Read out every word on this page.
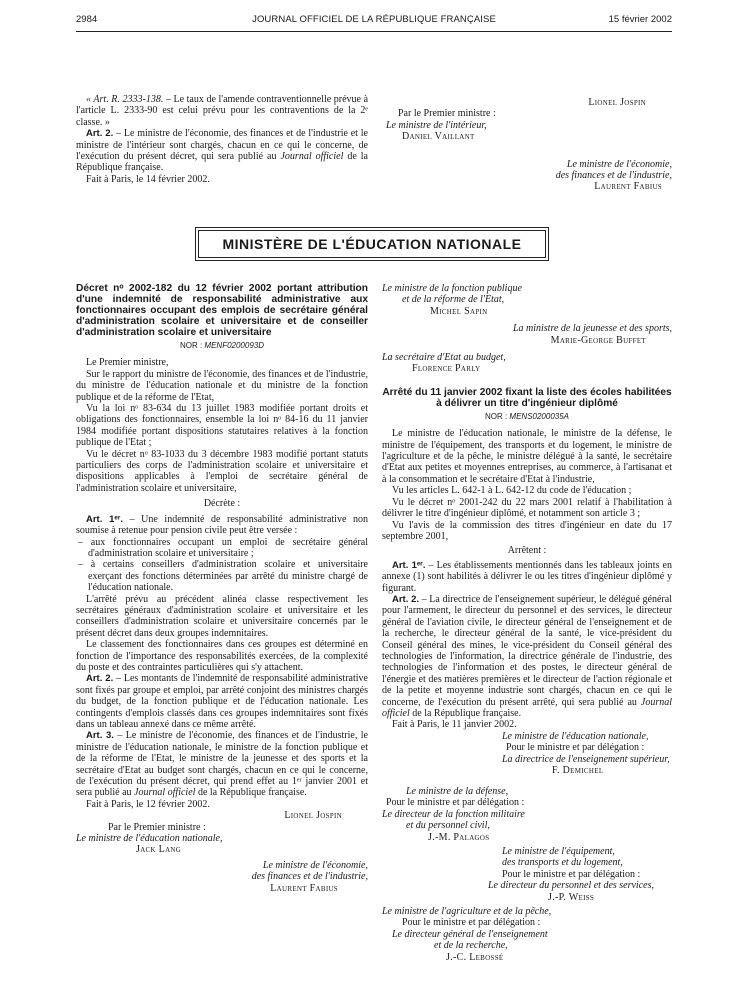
2984	JOURNAL OFFICIEL DE LA RÉPUBLIQUE FRANÇAISE	15 février 2002

« Art. R. 2333-138. – Le taux de l'amende contraventionnelle prévue à l'article L. 2333-90 est celui prévu pour les contraventions de la 2ᵉ classe. »

Art. 2. – Le ministre de l'économie, des finances et de l'industrie et le ministre de l'intérieur sont chargés, chacun en ce qui le concerne, de l'exécution du présent décret, qui sera publié au Journal officiel de la République française.

Fait à Paris, le 14 février 2002.

Lionel Jospin
Par le Premier ministre :
Le ministre de l'intérieur,
Daniel Vaillant
Le ministre de l'économie,
des finances et de l'industrie,
Laurent Fabius
MINISTÈRE DE L'ÉDUCATION NATIONALE

Décret nᵒ 2002-182 du 12 février 2002 portant attribution d'une indemnité de responsabilité administrative aux fonctionnaires occupant des emplois de secrétaire général d'administration scolaire et universitaire et de conseiller d'administration scolaire et universitaire

NOR : MENF0200093D

Le Premier ministre,

Sur le rapport du ministre de l'économie, des finances et de l'industrie, du ministre de l'éducation nationale et du ministre de la fonction publique et de la réforme de l'Etat,

Vu la loi nᵒ 83-634 du 13 juillet 1983 modifiée portant droits et obligations des fonctionnaires, ensemble la loi nᵒ 84-16 du 11 janvier 1984 modifiée portant dispositions statutaires relatives à la fonction publique de l'Etat ;

Vu le décret nᵒ 83-1033 du 3 décembre 1983 modifié portant statuts particuliers des corps de l'administration scolaire et universitaire et dispositions applicables à l'emploi de secrétaire général de l'administration scolaire et universitaire,

Décrète :

Art. 1ᵉʳ. – Une indemnité de responsabilité administrative non soumise à retenue pour pension civile peut être versée :

– aux fonctionnaires occupant un emploi de secrétaire général d'administration scolaire et universitaire ;

– à certains conseillers d'administration scolaire et universitaire exerçant des fonctions déterminées par arrêté du ministre chargé de l'éducation nationale.

L'arrêté prévu au précédent alinéa classe respectivement les secrétaires généraux d'administration scolaire et universitaire et les conseillers d'administration scolaire et universitaire concernés par le présent décret dans deux groupes indemnitaires.

Le classement des fonctionnaires dans ces groupes est déterminé en fonction de l'importance des responsabilités exercées, de la complexité du poste et des contraintes particulières qui s'y attachent.

Art. 2. – Les montants de l'indemnité de responsabilité administrative sont fixés par groupe et emploi, par arrêté conjoint des ministres chargés du budget, de la fonction publique et de l'éducation nationale. Les contingents d'emplois classés dans ces groupes indemnitaires sont fixés dans un tableau annexé dans ce même arrêté.

Art. 3. – Le ministre de l'économie, des finances et de l'industrie, le ministre de l'éducation nationale, le ministre de la fonction publique et de la réforme de l'Etat, le ministre de la jeunesse et des sports et la secrétaire d'Etat au budget sont chargés, chacun en ce qui le concerne, de l'exécution du présent décret, qui prend effet au 1ᵉʳ janvier 2001 et sera publié au Journal officiel de la République française.

Fait à Paris, le 12 février 2002.

Lionel Jospin
Par le Premier ministre :
Le ministre de l'éducation nationale,
Jack Lang
Le ministre de l'économie,
des finances et de l'industrie,
Laurent Fabius
Le ministre de la fonction publique
et de la réforme de l'Etat,
Michel Sapin
La ministre de la jeunesse et des sports,
Marie-George Buffet
La secrétaire d'Etat au budget,
Florence Parly

Arrêté du 11 janvier 2002 fixant la liste des écoles habilitées à délivrer un titre d'ingénieur diplômé

NOR : MENS0200035A

Le ministre de l'éducation nationale, le ministre de la défense, le ministre de l'équipement, des transports et du logement, le ministre de l'agriculture et de la pêche, le ministre délégué à la santé, le secrétaire d'Etat aux petites et moyennes entreprises, au commerce, à l'artisanat et à la consommation et le secrétaire d'Etat à l'industrie,

Vu les articles L. 642-1 à L. 642-12 du code de l'éducation ;

Vu le décret nᵒ 2001-242 du 22 mars 2001 relatif à l'habilitation à délivrer le titre d'ingénieur diplômé, et notamment son article 3 ;

Vu l'avis de la commission des titres d'ingénieur en date du 17 septembre 2001,

Arrêtent :

Art. 1ᵉʳ. – Les établissements mentionnés dans les tableaux joints en annexe (1) sont habilités à délivrer le ou les titres d'ingénieur diplômé y figurant.

Art. 2. – La directrice de l'enseignement supérieur, le délégué général pour l'armement, le directeur du personnel et des services, le directeur général de l'aviation civile, le directeur général de l'enseignement et de la recherche, le directeur général de la santé, le vice-président du Conseil général des mines, le vice-président du Conseil général des technologies de l'information, la directrice générale de l'industrie, des technologies de l'information et des postes, le directeur général de l'énergie et des matières premières et le directeur de l'action régionale et de la petite et moyenne industrie sont chargés, chacun en ce qui le concerne, de l'exécution du présent arrêté, qui sera publié au Journal officiel de la République française.

Fait à Paris, le 11 janvier 2002.

Le ministre de l'éducation nationale,
Pour le ministre et par délégation :
La directrice de l'enseignement supérieur,
F. Demichel
Le ministre de la défense,
Pour le ministre et par délégation :
Le directeur de la fonction militaire
et du personnel civil,
J.-M. Palagos
Le ministre de l'équipement,
des transports et du logement,
Pour le ministre et par délégation :
Le directeur du personnel et des services,
J.-P. Weiss
Le ministre de l'agriculture et de la pêche,
Pour le ministre et par délégation :
Le directeur général de l'enseignement
et de la recherche,
J.-C. Lebossé
